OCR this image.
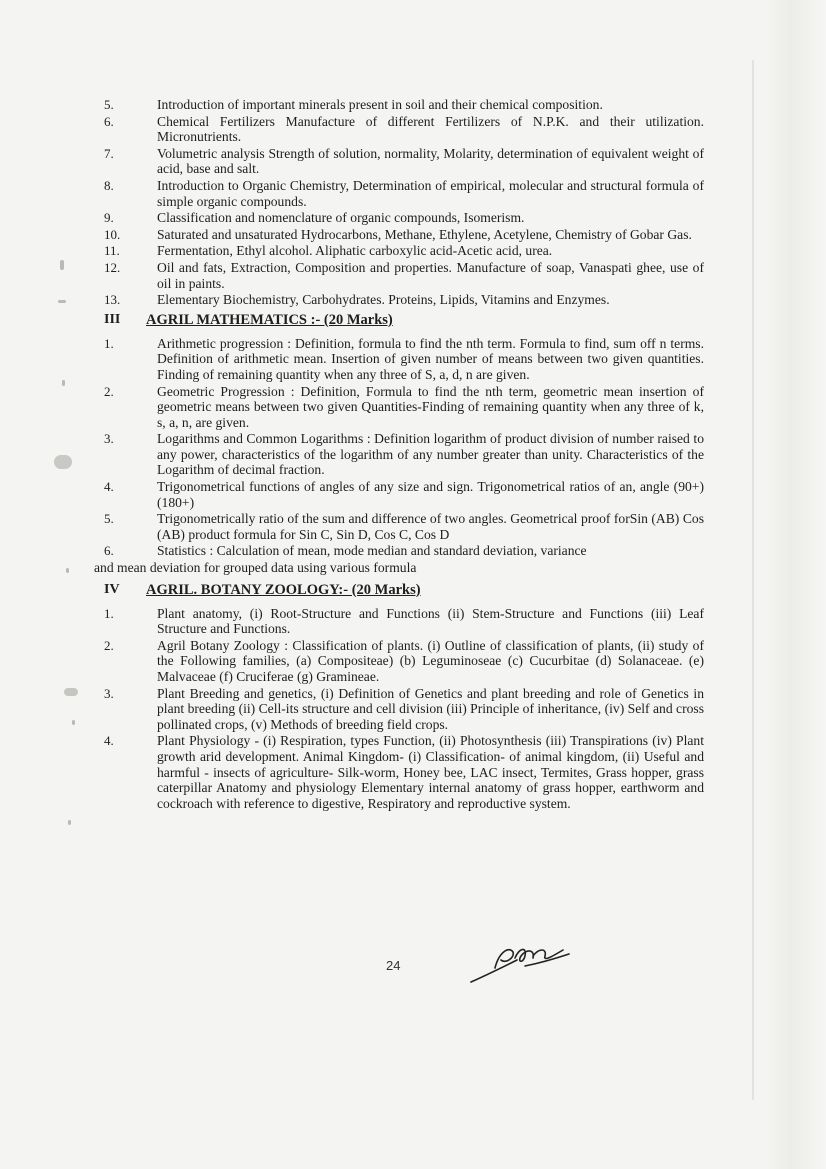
5.	Introduction of important minerals present in soil and their chemical composition.
6.	Chemical Fertilizers Manufacture of different Fertilizers of N.P.K. and their utilization. Micronutrients.
7.	Volumetric analysis Strength of solution, normality, Molarity, determination of equivalent weight of acid, base and salt.
8.	Introduction to Organic Chemistry, Determination of empirical, molecular and structural formula of simple organic compounds.
9.	Classification and nomenclature of organic compounds, Isomerism.
10.	Saturated and unsaturated Hydrocarbons, Methane, Ethylene, Acetylene, Chemistry of Gobar Gas.
11.	Fermentation, Ethyl alcohol. Aliphatic carboxylic acid-Acetic acid, urea.
12.	Oil and fats, Extraction, Composition and properties. Manufacture of soap, Vanaspati ghee, use of oil in paints.
13.	Elementary Biochemistry, Carbohydrates. Proteins, Lipids, Vitamins and Enzymes.
III AGRIL MATHEMATICS :- (20 Marks)
1.	Arithmetic progression : Definition, formula to find the nth term. Formula to find, sum off n terms. Definition of arithmetic mean. Insertion of given number of means between two given quantities. Finding of remaining quantity when any three of S, a, d, n are given.
2.	Geometric Progression : Definition, Formula to find the nth term, geometric mean insertion of geometric means between two given Quantities-Finding of remaining quantity when any three of k, s, a, n, are given.
3.	Logarithms and Common Logarithms : Definition logarithm of product division of number raised to any power, characteristics of the logarithm of any number greater than unity. Characteristics of the Logarithm of decimal fraction.
4.	Trigonometrical functions of angles of any size and sign. Trigonometrical ratios of an, angle (90+) (180+)
5.	Trigonometrically ratio of the sum and difference of two angles. Geometrical proof forSin (AB) Cos (AB) product formula for Sin C, Sin D, Cos C, Cos D
6.	Statistics : Calculation of mean, mode median and standard deviation, variance
and mean deviation for grouped data using various formula
IV AGRIL. BOTANY ZOOLOGY:- (20 Marks)
1.	Plant anatomy, (i) Root-Structure and Functions (ii) Stem-Structure and Functions (iii) Leaf Structure and Functions.
2.	Agril Botany Zoology : Classification of plants. (i) Outline of classification of plants, (ii) study of the Following families, (a) Compositeae) (b) Leguminoseae (c) Cucurbitae (d) Solanaceae. (e) Malvaceae (f) Cruciferae (g) Gramineae.
3.	Plant Breeding and genetics, (i) Definition of Genetics and plant breeding and role of Genetics in plant breeding (ii) Cell-its structure and cell division (iii) Principle of inheritance, (iv) Self and cross pollinated crops, (v) Methods of breeding field crops.
4.	Plant Physiology - (i) Respiration, types Function, (ii) Photosynthesis (iii) Transpirations (iv) Plant growth arid development. Animal Kingdom- (i) Classification- of animal kingdom, (ii) Useful and harmful - insects of agriculture- Silk-worm, Honey bee, LAC insect, Termites, Grass hopper, grass caterpillar Anatomy and physiology Elementary internal anatomy of grass hopper, earthworm and cockroach with reference to digestive, Respiratory and reproductive system.
24
